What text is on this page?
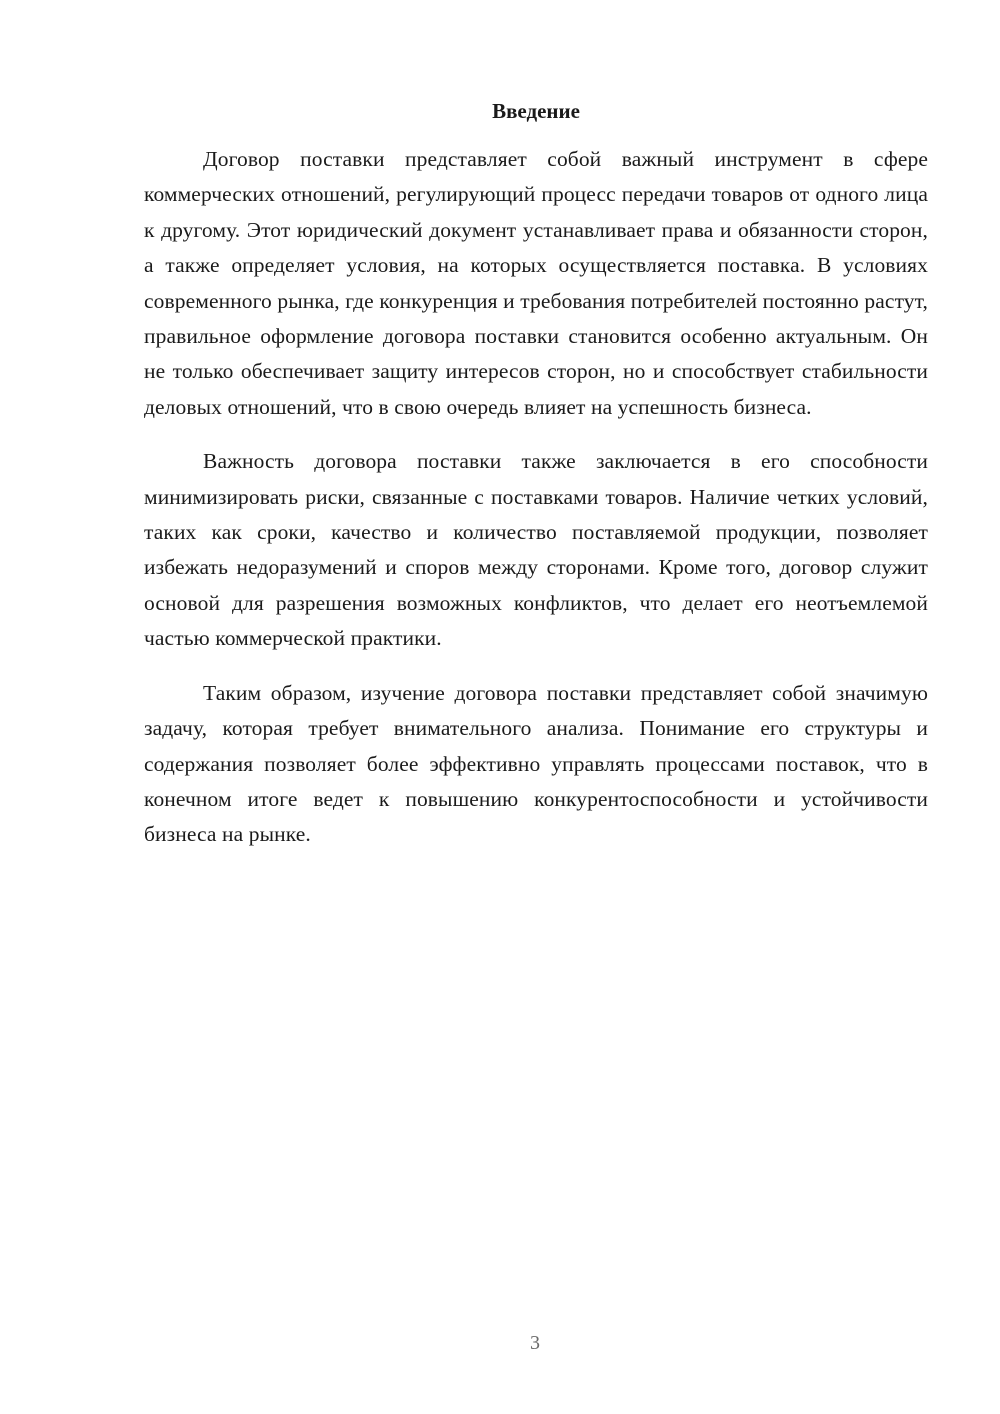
Введение

Договор поставки представляет собой важный инструмент в сфере коммерческих отношений, регулирующий процесс передачи товаров от одного лица к другому. Этот юридический документ устанавливает права и обязанности сторон, а также определяет условия, на которых осуществляется поставка. В условиях современного рынка, где конкуренция и требования потребителей постоянно растут, правильное оформление договора поставки становится особенно актуальным. Он не только обеспечивает защиту интересов сторон, но и способствует стабильности деловых отношений, что в свою очередь влияет на успешность бизнеса.

Важность договора поставки также заключается в его способности минимизировать риски, связанные с поставками товаров. Наличие четких условий, таких как сроки, качество и количество поставляемой продукции, позволяет избежать недоразумений и споров между сторонами. Кроме того, договор служит основой для разрешения возможных конфликтов, что делает его неотъемлемой частью коммерческой практики.

Таким образом, изучение договора поставки представляет собой значимую задачу, которая требует внимательного анализа. Понимание его структуры и содержания позволяет более эффективно управлять процессами поставок, что в конечном итоге ведет к повышению конкурентоспособности и устойчивости бизнеса на рынке.

3
